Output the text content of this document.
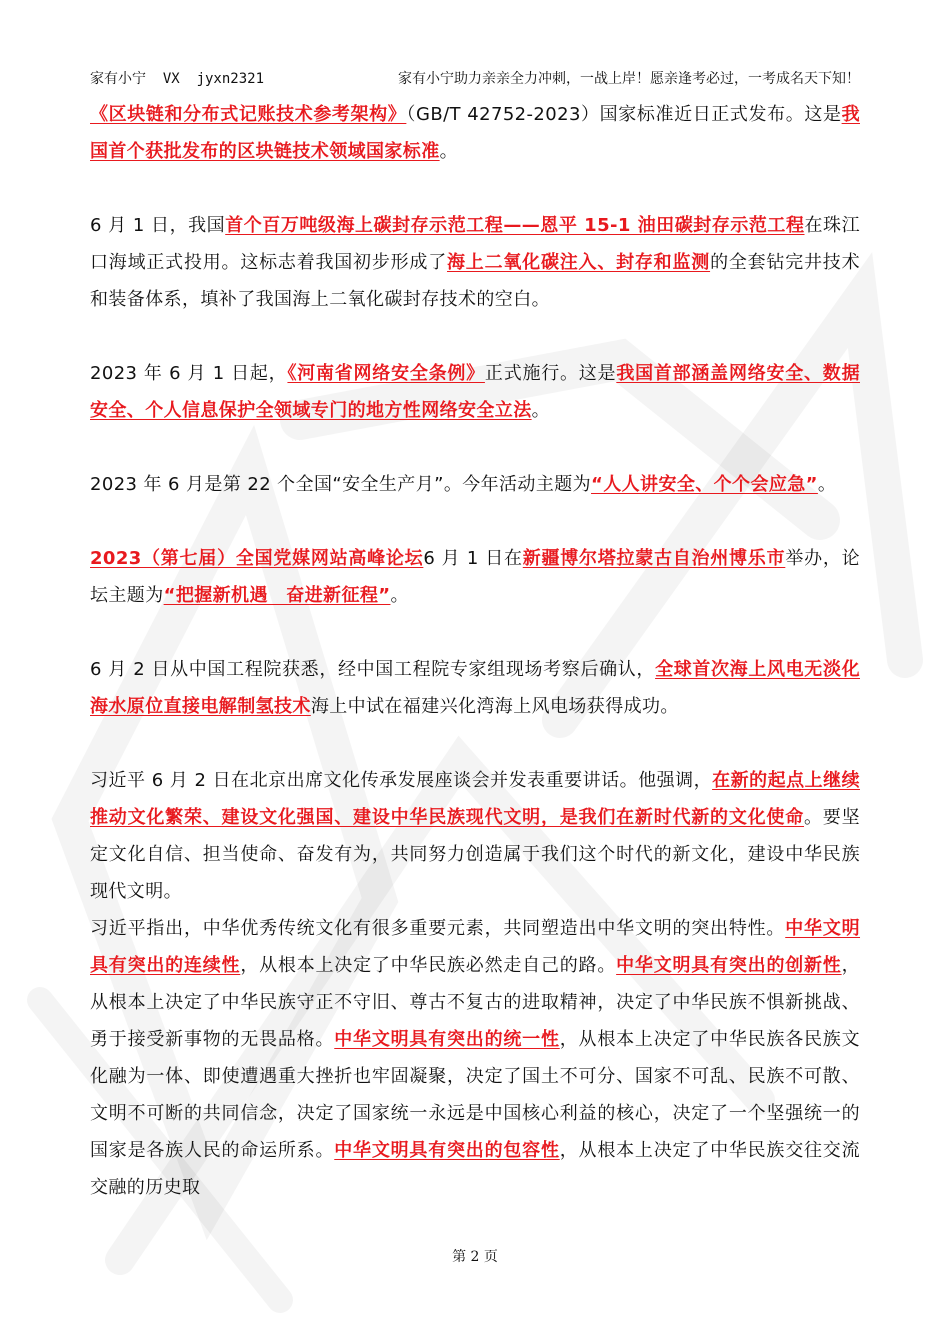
家有小宁  VX  jyxn2321	家有小宁助力亲亲全力冲刺，一战上岸！愿亲逢考必过，一考成名天下知！

《区块链和分布式记账技术参考架构》（GB/T 42752-2023）国家标准近日正式发布。这是我国首个获批发布的区块链技术领域国家标准。

6 月 1 日，我国首个百万吨级海上碳封存示范工程——恩平 15-1 油田碳封存示范工程在珠江口海域正式投用。这标志着我国初步形成了海上二氧化碳注入、封存和监测的全套钻完井技术和装备体系，填补了我国海上二氧化碳封存技术的空白。

2023 年 6 月 1 日起，《河南省网络安全条例》正式施行。这是我国首部涵盖网络安全、数据安全、个人信息保护全领域专门的地方性网络安全立法。

2023 年 6 月是第 22 个全国“安全生产月”。今年活动主题为“人人讲安全、个个会应急”。

2023（第七届）全国党媒网站高峰论坛6 月 1 日在新疆博尔塔拉蒙古自治州博乐市举办，论坛主题为“把握新机遇　奋进新征程”。

6 月 2 日从中国工程院获悉，经中国工程院专家组现场考察后确认，全球首次海上风电无淡化海水原位直接电解制氢技术海上中试在福建兴化湾海上风电场获得成功。

习近平 6 月 2 日在北京出席文化传承发展座谈会并发表重要讲话。他强调，在新的起点上继续推动文化繁荣、建设文化强国、建设中华民族现代文明，是我们在新时代新的文化使命。要坚定文化自信、担当使命、奋发有为，共同努力创造属于我们这个时代的新文化，建设中华民族现代文明。

习近平指出，中华优秀传统文化有很多重要元素，共同塑造出中华文明的突出特性。中华文明具有突出的连续性，从根本上决定了中华民族必然走自己的路。中华文明具有突出的创新性，从根本上决定了中华民族守正不守旧、尊古不复古的进取精神，决定了中华民族不惧新挑战、勇于接受新事物的无畏品格。中华文明具有突出的统一性，从根本上决定了中华民族各民族文化融为一体、即使遭遇重大挫折也牢固凝聚，决定了国土不可分、国家不可乱、民族不可散、文明不可断的共同信念，决定了国家统一永远是中国核心利益的核心，决定了一个坚强统一的国家是各族人民的命运所系。中华文明具有突出的包容性，从根本上决定了中华民族交往交流交融的历史取

第 2 页
